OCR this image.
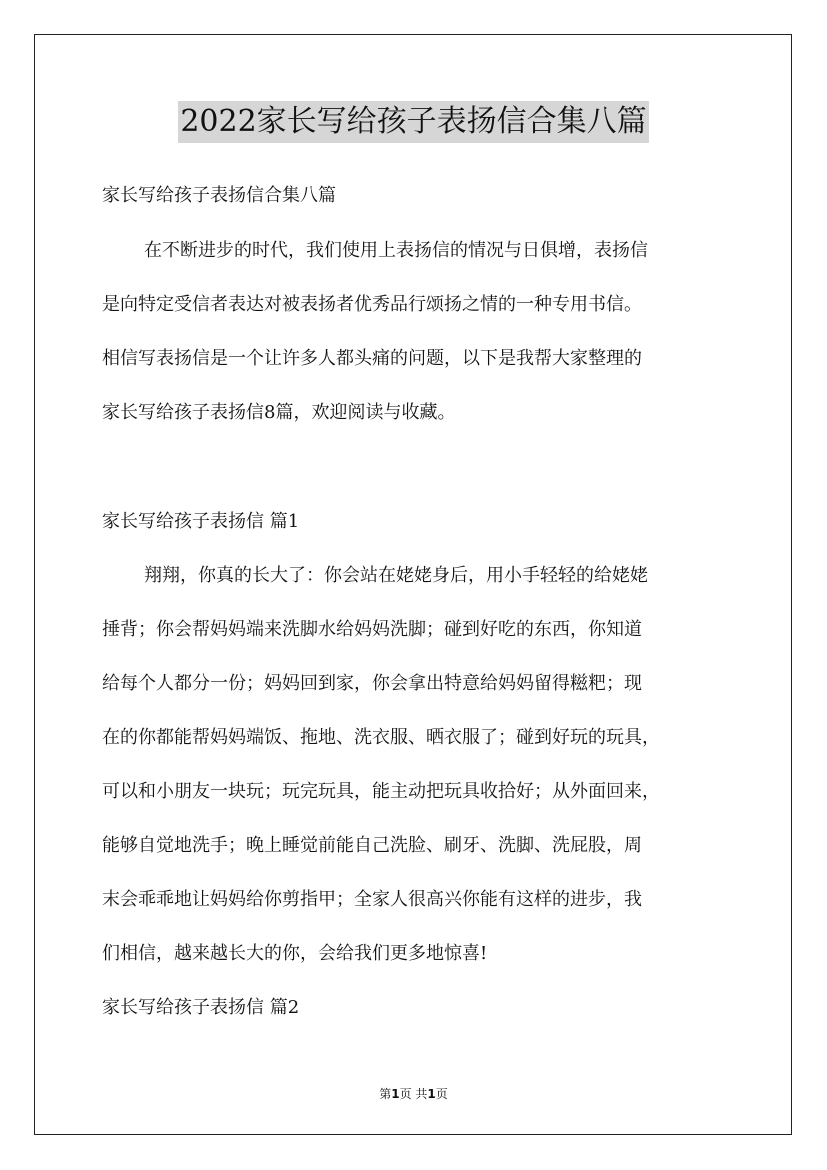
2022家长写给孩子表扬信合集八篇
家长写给孩子表扬信合集八篇
在不断进步的时代，我们使用上表扬信的情况与日俱增，表扬信
是向特定受信者表达对被表扬者优秀品行颂扬之情的一种专用书信。
相信写表扬信是一个让许多人都头痛的问题，以下是我帮大家整理的
家长写给孩子表扬信8篇，欢迎阅读与收藏。
家长写给孩子表扬信 篇1
翔翔，你真的长大了：你会站在姥姥身后，用小手轻轻的给姥姥
捶背；你会帮妈妈端来洗脚水给妈妈洗脚；碰到好吃的东西，你知道
给每个人都分一份；妈妈回到家，你会拿出特意给妈妈留得糍粑；现
在的你都能帮妈妈端饭、拖地、洗衣服、晒衣服了；碰到好玩的玩具，
可以和小朋友一块玩；玩完玩具，能主动把玩具收拾好；从外面回来，
能够自觉地洗手；晚上睡觉前能自己洗脸、刷牙、洗脚、洗屁股，周
末会乖乖地让妈妈给你剪指甲；全家人很高兴你能有这样的进步，我
们相信，越来越长大的你，会给我们更多地惊喜!
家长写给孩子表扬信 篇2
第1页 共1页
